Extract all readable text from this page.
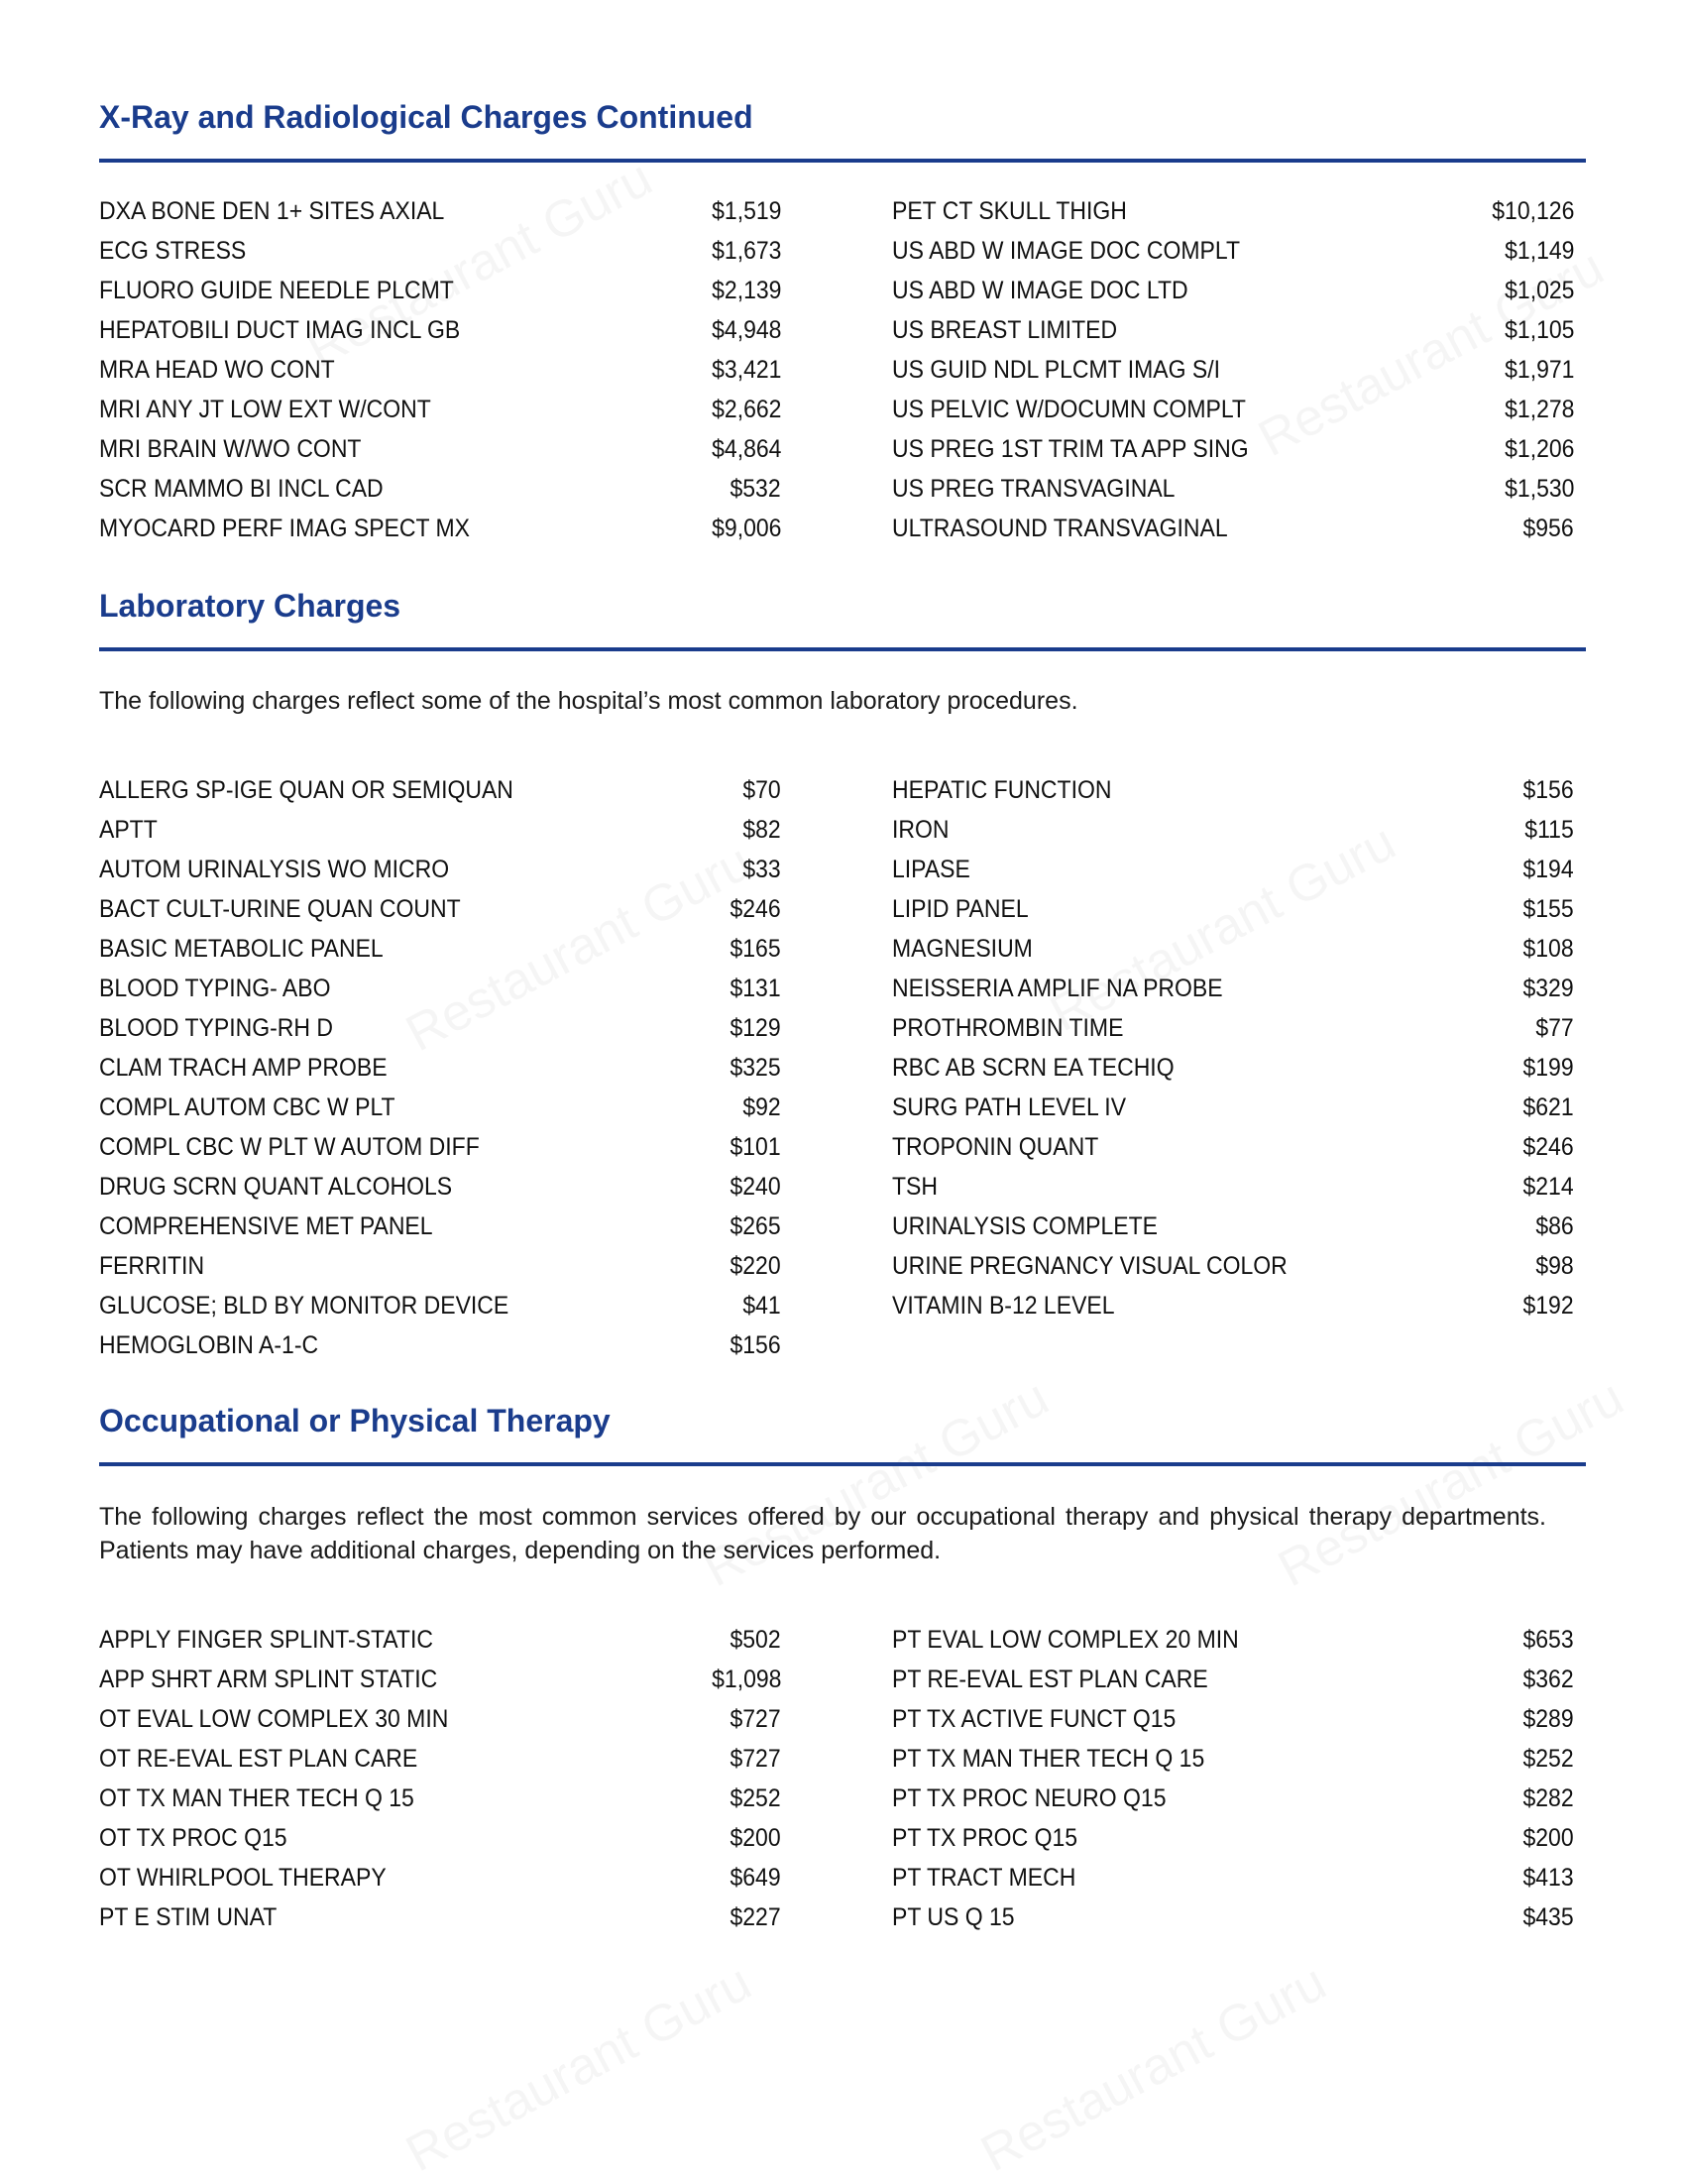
X-Ray and Radiological Charges Continued
DXA BONE DEN 1+ SITES AXIAL	$1,519
ECG STRESS	$1,673
FLUORO GUIDE NEEDLE PLCMT	$2,139
HEPATOBILI DUCT IMAG INCL GB	$4,948
MRA HEAD WO CONT	$3,421
MRI ANY JT LOW EXT W/CONT	$2,662
MRI BRAIN W/WO CONT	$4,864
SCR MAMMO BI INCL CAD	$532
MYOCARD PERF IMAG SPECT MX	$9,006
PET CT SKULL THIGH	$10,126
US ABD W IMAGE DOC COMPLT	$1,149
US ABD W IMAGE DOC LTD	$1,025
US BREAST LIMITED	$1,105
US GUID NDL PLCMT IMAG S/I	$1,971
US PELVIC W/DOCUMN COMPLT	$1,278
US PREG 1ST TRIM TA APP SING	$1,206
US PREG TRANSVAGINAL	$1,530
ULTRASOUND TRANSVAGINAL	$956
Laboratory Charges

The following charges reflect some of the hospital’s most common laboratory procedures.

ALLERG SP-IGE QUAN OR SEMIQUAN	$70
APTT	$82
AUTOM URINALYSIS WO MICRO	$33
BACT CULT-URINE QUAN COUNT	$246
BASIC METABOLIC PANEL	$165
BLOOD TYPING- ABO	$131
BLOOD TYPING-RH D	$129
CLAM TRACH AMP PROBE	$325
COMPL AUTOM CBC W PLT	$92
COMPL CBC W PLT W AUTOM DIFF	$101
DRUG SCRN QUANT ALCOHOLS	$240
COMPREHENSIVE MET PANEL	$265
FERRITIN	$220
GLUCOSE; BLD BY MONITOR DEVICE	$41
HEMOGLOBIN A-1-C	$156
HEPATIC FUNCTION	$156
IRON	$115
LIPASE	$194
LIPID PANEL	$155
MAGNESIUM	$108
NEISSERIA AMPLIF NA PROBE	$329
PROTHROMBIN TIME	$77
RBC AB SCRN EA TECHIQ	$199
SURG PATH LEVEL IV	$621
TROPONIN QUANT	$246
TSH	$214
URINALYSIS COMPLETE	$86
URINE PREGNANCY VISUAL COLOR	$98
VITAMIN B-12 LEVEL	$192
Occupational or Physical Therapy

The following charges reflect the most common services offered by our occupational therapy and physical therapy departments. Patients may have additional charges, depending on the services performed.

APPLY FINGER SPLINT-STATIC	$502
APP SHRT ARM SPLINT STATIC	$1,098
OT EVAL LOW COMPLEX 30 MIN	$727
OT RE-EVAL EST PLAN CARE	$727
OT TX MAN THER TECH Q 15	$252
OT TX PROC Q15	$200
OT WHIRLPOOL THERAPY	$649
PT E STIM UNAT	$227
PT EVAL LOW COMPLEX 20 MIN	$653
PT RE-EVAL EST PLAN CARE	$362
PT TX ACTIVE FUNCT Q15	$289
PT TX MAN THER TECH Q 15	$252
PT TX PROC NEURO Q15	$282
PT TX PROC Q15	$200
PT TRACT MECH	$413
PT US Q 15	$435
